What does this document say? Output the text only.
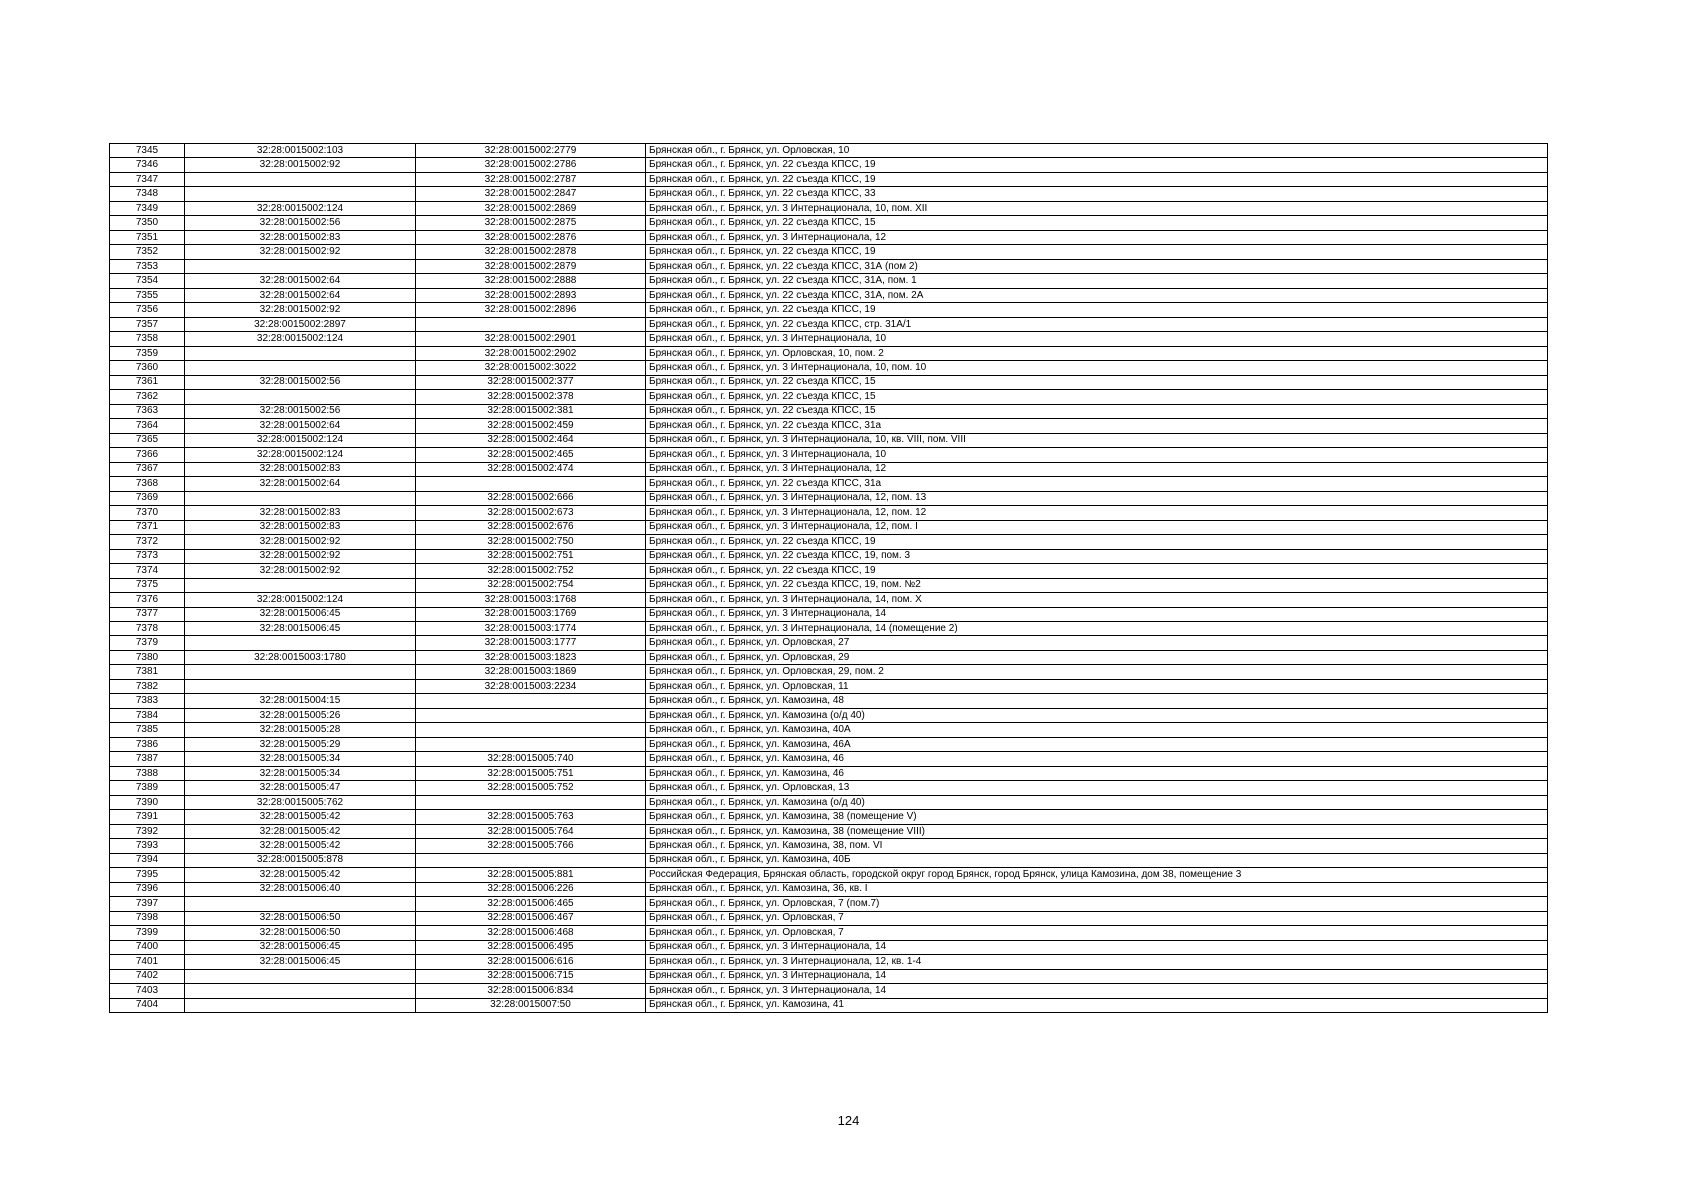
7345	32:28:0015002:103	32:28:0015002:2779	Брянская обл., г. Брянск, ул. Орловская, 10
7346	32:28:0015002:92	32:28:0015002:2786	Брянская обл., г. Брянск, ул. 22 съезда КПСС, 19
7347		32:28:0015002:2787	Брянская обл., г. Брянск, ул. 22 съезда КПСС, 19
7348		32:28:0015002:2847	Брянская обл., г. Брянск, ул. 22 съезда КПСС, 33
7349	32:28:0015002:124	32:28:0015002:2869	Брянская обл., г. Брянск, ул. 3 Интернационала, 10, пом. XII
7350	32:28:0015002:56	32:28:0015002:2875	Брянская обл., г. Брянск, ул. 22 съезда КПСС, 15
7351	32:28:0015002:83	32:28:0015002:2876	Брянская обл., г. Брянск, ул. 3 Интернационала, 12
7352	32:28:0015002:92	32:28:0015002:2878	Брянская обл., г. Брянск, ул. 22 съезда КПСС, 19
7353		32:28:0015002:2879	Брянская обл., г. Брянск, ул. 22 съезда КПСС, 31А (пом 2)
7354	32:28:0015002:64	32:28:0015002:2888	Брянская обл., г. Брянск, ул. 22 съезда КПСС, 31А, пом. 1
7355	32:28:0015002:64	32:28:0015002:2893	Брянская обл., г. Брянск, ул. 22 съезда КПСС, 31А, пом. 2А
7356	32:28:0015002:92	32:28:0015002:2896	Брянская обл., г. Брянск, ул. 22 съезда КПСС, 19
7357	32:28:0015002:2897		Брянская обл., г. Брянск, ул. 22 съезда КПСС, стр. 31А/1
7358	32:28:0015002:124	32:28:0015002:2901	Брянская обл., г. Брянск, ул. 3 Интернационала, 10
7359		32:28:0015002:2902	Брянская обл., г. Брянск, ул. Орловская, 10, пом. 2
7360		32:28:0015002:3022	Брянская обл., г. Брянск, ул. 3 Интернационала, 10, пом. 10
7361	32:28:0015002:56	32:28:0015002:377	Брянская обл., г. Брянск, ул. 22 съезда КПСС, 15
7362		32:28:0015002:378	Брянская обл., г. Брянск, ул. 22 съезда КПСС, 15
7363	32:28:0015002:56	32:28:0015002:381	Брянская обл., г. Брянск, ул. 22 съезда КПСС, 15
7364	32:28:0015002:64	32:28:0015002:459	Брянская обл., г. Брянск, ул. 22 съезда КПСС, 31а
7365	32:28:0015002:124	32:28:0015002:464	Брянская обл., г. Брянск, ул. 3 Интернационала, 10, кв. VIII, пом. VIII
7366	32:28:0015002:124	32:28:0015002:465	Брянская обл., г. Брянск, ул. 3 Интернационала, 10
7367	32:28:0015002:83	32:28:0015002:474	Брянская обл., г. Брянск, ул. 3 Интернационала, 12
7368	32:28:0015002:64		Брянская обл., г. Брянск, ул. 22 съезда КПСС, 31а
7369		32:28:0015002:666	Брянская обл., г. Брянск, ул. 3 Интернационала, 12, пом. 13
7370	32:28:0015002:83	32:28:0015002:673	Брянская обл., г. Брянск, ул. 3 Интернационала, 12, пом. 12
7371	32:28:0015002:83	32:28:0015002:676	Брянская обл., г. Брянск, ул. 3 Интернационала, 12, пом. I
7372	32:28:0015002:92	32:28:0015002:750	Брянская обл., г. Брянск, ул. 22 съезда КПСС, 19
7373	32:28:0015002:92	32:28:0015002:751	Брянская обл., г. Брянск, ул. 22 съезда КПСС, 19, пом. 3
7374	32:28:0015002:92	32:28:0015002:752	Брянская обл., г. Брянск, ул. 22 съезда КПСС, 19
7375		32:28:0015002:754	Брянская обл., г. Брянск, ул. 22 съезда КПСС, 19, пом. №2
7376	32:28:0015002:124	32:28:0015003:1768	Брянская обл., г. Брянск, ул. 3 Интернационала, 14, пом. X
7377	32:28:0015006:45	32:28:0015003:1769	Брянская обл., г. Брянск, ул. 3 Интернационала, 14
7378	32:28:0015006:45	32:28:0015003:1774	Брянская обл., г. Брянск, ул. 3 Интернационала, 14 (помещение 2)
7379		32:28:0015003:1777	Брянская обл., г. Брянск, ул. Орловская, 27
7380	32:28:0015003:1780	32:28:0015003:1823	Брянская обл., г. Брянск, ул. Орловская, 29
7381		32:28:0015003:1869	Брянская обл., г. Брянск, ул. Орловская, 29, пом. 2
7382		32:28:0015003:2234	Брянская обл., г. Брянск, ул. Орловская, 11
7383	32:28:0015004:15		Брянская обл., г. Брянск, ул. Камозина, 48
7384	32:28:0015005:26		Брянская обл., г. Брянск, ул. Камозина (о/д 40)
7385	32:28:0015005:28		Брянская обл., г. Брянск, ул. Камозина, 40А
7386	32:28:0015005:29		Брянская обл., г. Брянск, ул. Камозина, 46А
7387	32:28:0015005:34	32:28:0015005:740	Брянская обл., г. Брянск, ул. Камозина, 46
7388	32:28:0015005:34	32:28:0015005:751	Брянская обл., г. Брянск, ул. Камозина, 46
7389	32:28:0015005:47	32:28:0015005:752	Брянская обл., г. Брянск, ул. Орловская, 13
7390	32:28:0015005:762		Брянская обл., г. Брянск, ул. Камозина (о/д 40)
7391	32:28:0015005:42	32:28:0015005:763	Брянская обл., г. Брянск, ул. Камозина, 38 (помещение V)
7392	32:28:0015005:42	32:28:0015005:764	Брянская обл., г. Брянск, ул. Камозина, 38 (помещение VIII)
7393	32:28:0015005:42	32:28:0015005:766	Брянская обл., г. Брянск, ул. Камозина, 38, пом. VI
7394	32:28:0015005:878		Брянская обл., г. Брянск, ул. Камозина, 40Б
7395	32:28:0015005:42	32:28:0015005:881	Российская Федерация, Брянская область, городской округ город Брянск, город Брянск, улица Камозина, дом 38, помещение 3
7396	32:28:0015006:40	32:28:0015006:226	Брянская обл., г. Брянск, ул. Камозина, 36, кв. I
7397		32:28:0015006:465	Брянская обл., г. Брянск, ул. Орловская, 7 (пом.7)
7398	32:28:0015006:50	32:28:0015006:467	Брянская обл., г. Брянск, ул. Орловская, 7
7399	32:28:0015006:50	32:28:0015006:468	Брянская обл., г. Брянск, ул. Орловская, 7
7400	32:28:0015006:45	32:28:0015006:495	Брянская обл., г. Брянск, ул. 3 Интернационала, 14
7401	32:28:0015006:45	32:28:0015006:616	Брянская обл., г. Брянск, ул. 3 Интернационала, 12, кв. 1-4
7402		32:28:0015006:715	Брянская обл., г. Брянск, ул. 3 Интернационала, 14
7403		32:28:0015006:834	Брянская обл., г. Брянск, ул. 3 Интернационала, 14
7404		32:28:0015007:50	Брянская обл., г. Брянск, ул. Камозина, 41
124
